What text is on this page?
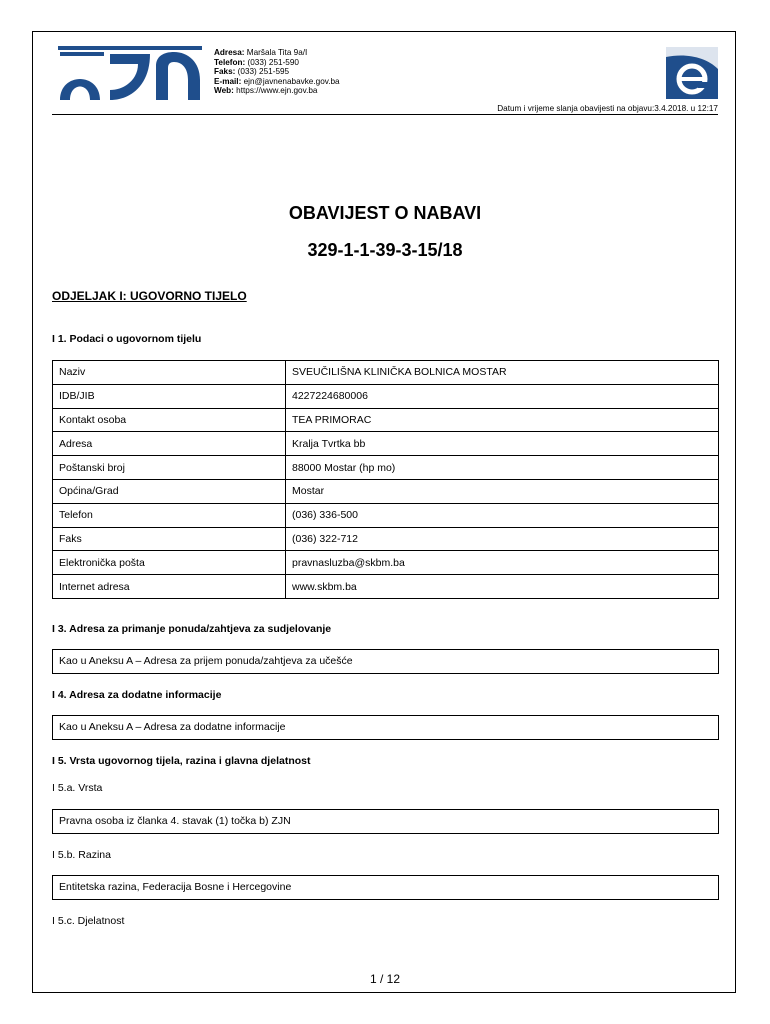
Adresa: Maršala Tita 9a/I
Telefon: (033) 251-590
Faks: (033) 251-595
E-mail: ejn@javnenabavke.gov.ba
Web: https://www.ejn.gov.ba
Datum i vrijeme slanja obavijesti na objavu:3.4.2018. u 12:17
OBAVIJEST O NABAVI
329-1-1-39-3-15/18
ODJELJAK I: UGOVORNO TIJELO
I 1. Podaci o ugovornom tijelu
Naziv	SVEUČILIŠNA KLINIČKA BOLNICA MOSTAR
IDB/JIB	4227224680006
Kontakt osoba	TEA PRIMORAC
Adresa	Kralja Tvrtka bb
Poštanski broj	88000 Mostar (hp mo)
Općina/Grad	Mostar
Telefon	(036) 336-500
Faks	(036) 322-712
Elektronička pošta	pravnasluzba@skbm.ba
Internet adresa	www.skbm.ba
I 3. Adresa za primanje ponuda/zahtjeva za sudjelovanje
Kao u Aneksu A – Adresa za prijem ponuda/zahtjeva za učešće
I 4. Adresa za dodatne informacije
Kao u Aneksu A – Adresa za dodatne informacije
I 5. Vrsta ugovornog tijela, razina i glavna djelatnost
I 5.a. Vrsta
Pravna osoba iz članka 4. stavak (1) točka b) ZJN
I 5.b. Razina
Entitetska razina, Federacija Bosne i Hercegovine
I 5.c. Djelatnost
1 / 12
